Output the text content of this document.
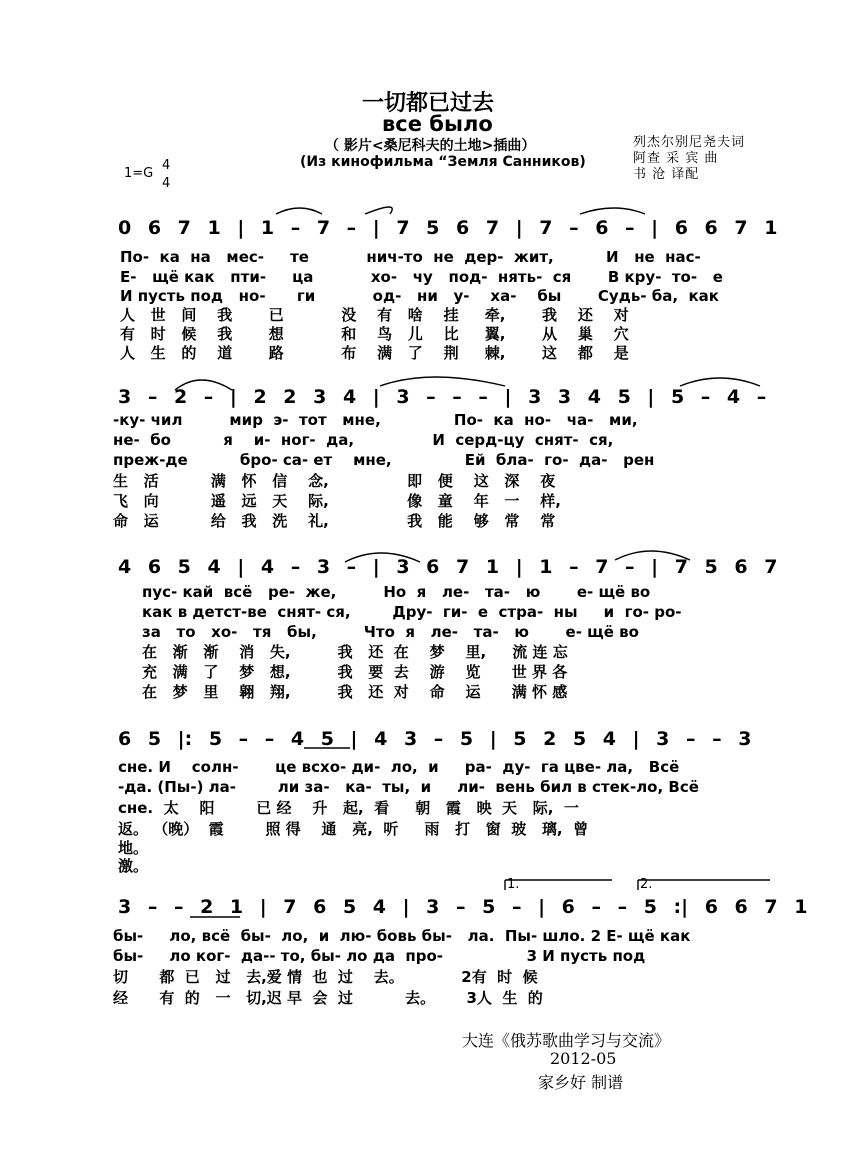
一切都已过去
все было
（ 影片<桑尼科夫的土地>插曲）
(Из кинофильма “Земля Санников)
1=G
4
4
列杰尔别尼尧夫词
阿查 采 宾 曲
书 沧 译配
0 6 7 1 | 1 – 7 – | 7 5 6 7 | 7 – 6 – | 6 6 7 1
По-  ка  на   мес-     те           нич-то  не  дер-  жит,          И   не  нас-
Е-   щё как   пти-     ца           хо-   чу   под-  нять-  ся       В кру-  то-   е
И пусть под   но-      ги           од-   ни   у-    ха-    бы       Судь- ба,  как
人   世   间    我       已           没    有   啥    挂     牵,       我    还    对
有   时   候    我       想           和    鸟   儿    比     翼,       从    巢    穴
人   生   的    道       路           布    满   了    荆     棘,       这    都    是
3 – 2 – | 2 2 3 4 | 3 – – – | 3 3 4 5 | 5 – 4 –
-ку- чил         мир  э-  тот   мне,              По-  ка  но-   ча-   ми,
не-  бо          я    и-  ног-  да,               И  серд-цу  снят-  ся,
преж-де          бро- са- ет    мне,              Ей  бла-  го-  да-   рен
生   活          满   怀   信    念,               即   便    这   深    夜
飞   向          遥   远   天    际,               像   童    年   一    样,
命   运          给   我   洗    礼,               我   能    够   常    常
4 6 5 4 | 4 – 3 – | 3 6 7 1 | 1 – 7 – | 7 5 6 7
пус- кай  всё   ре-  же,         Но  я   ле-   та-   ю       е- щё во
как в детст-ве  снят- ся,        Дру-  ги-  е  стра-  ны     и  го- ро-
за   то   хо-   тя   бы,         Что  я   ле-   та-   ю       е- щё во
在   渐   渐    消   失,         我   还  在    梦    里,     流 连 忘
充   满   了    梦   想,         我   要  去    游    览      世 界 各
在   梦   里    翱   翔,         我   还  对    命    运      满 怀 感
6 5 |: 5 – – 4 5 | 4 3 – 5 | 5 2 5 4 | 3 – – 3
сне. И    солн-       це всхо- ди-  ло,  и     ра-  ду-  га цве- ла,   Всё
-да. (Пы-) ла-        ли за-   ка-  ты,  и     ли-  вень бил в стек-ло, Всё
сне.  太    阳        已 经    升   起,  看     朝   霞   映  天   际,  一
返。 （晚）  霞        照 得    通   亮,  听     雨   打   窗  玻   璃,  曾
地。
激。
1.	2.
3 – – 2 1 | 7 6 5 4 | 3 – 5 – | 6 – – 5 :| 6 6 7 1
бы-     ло, всё  бы-  ло,  и  лю- бовь бы-   ла.  Пы- шло. 2 Е- щё как
бы-     ло ког-  да-- то, бы- ло да  про-                3 И пусть под
切      都  已   过   去,爱 情  也  过    去。           2有  时  候
经      有  的   一   切,迟 早  会  过          去。      3人  生  的
大连《俄苏歌曲学习与交流》
2012-05
家乡好 制谱
